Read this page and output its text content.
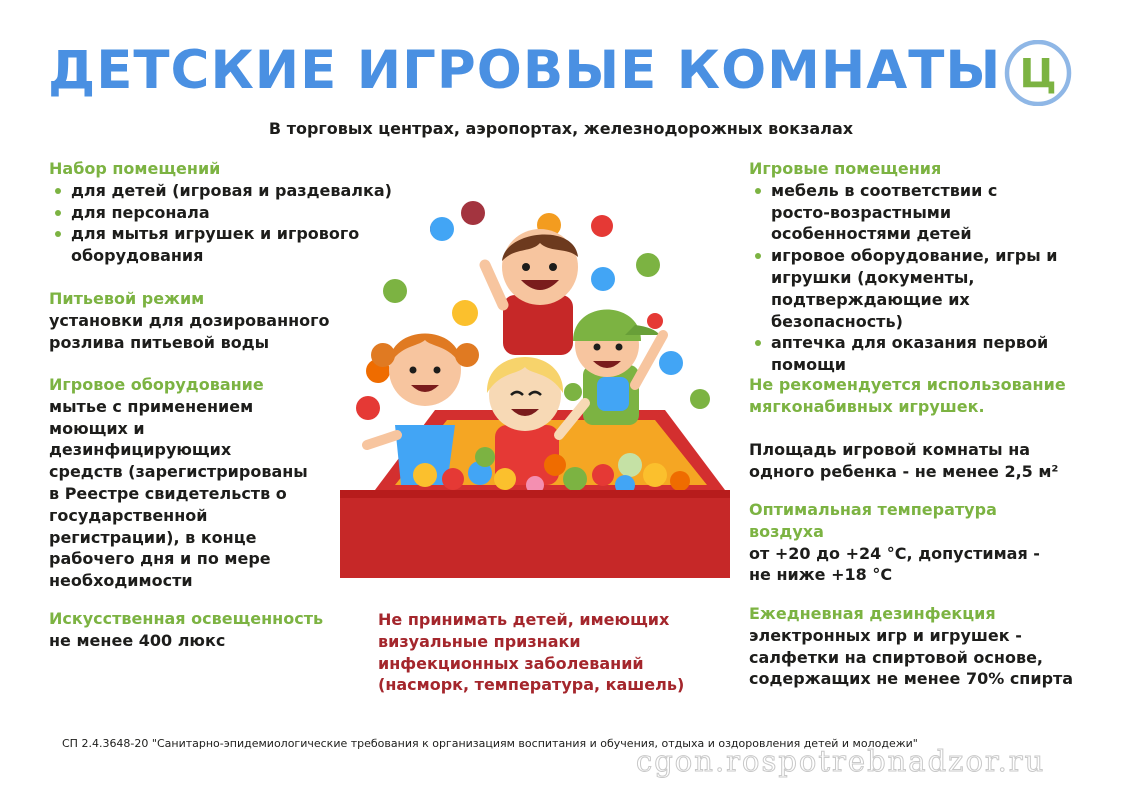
ДЕТСКИЕ ИГРОВЫЕ КОМНАТЫ Ц
В торговых центрах, аэропортах, железнодорожных вокзалах
Набор помещений
для детей (игровая и раздевалка)
для персонала
для мытья игрушек и игрового оборудования
Питьевой режим
установки для дозированного розлива питьевой воды
Игровое оборудование
мытье с применением моющих и дезинфицирующих средств (зарегистрированы в Реестре свидетельств о государственной регистрации), в конце рабочего дня и по мере необходимости
Искусственная освещенность
не менее 400 люкс
Не принимать детей, имеющих визуальные признаки инфекционных заболеваний (насморк, температура, кашель)
Игровые помещения
мебель в соответствии с росто-возрастными особенностями детей
игровое оборудование, игры и игрушки (документы, подтверждающие их безопасность)
аптечка для оказания первой помощи
Не рекомендуется использование мягконабивных игрушек.
Площадь игровой комнаты на одного ребенка - не менее 2,5 м²
Оптимальная температура воздуха
от +20 до +24 °С, допустимая - не ниже +18 °С
Ежедневная дезинфекция
электронных игр и игрушек - салфетки на спиртовой основе, содержащих не менее 70% спирта
СП 2.4.3648-20 "Санитарно-эпидемиологические требования к организациям воспитания и обучения, отдыха и оздоровления детей и молодежи"
cgon.rospotrebnadzor.ru
